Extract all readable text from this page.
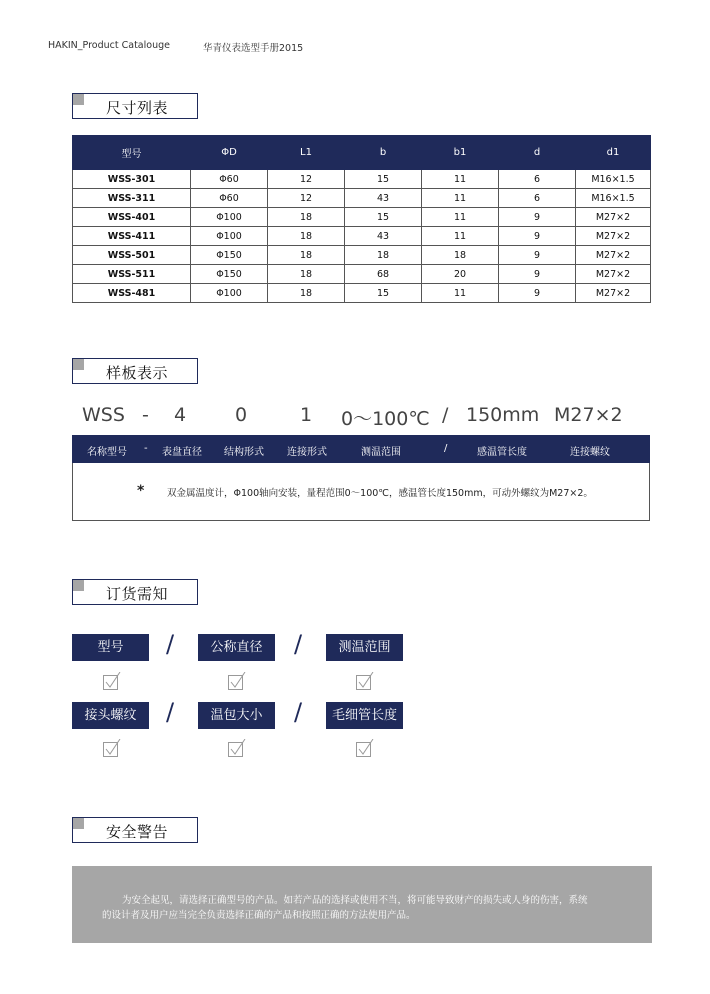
HAKIN_Product Catalouge	华青仪表选型手册2015
尺寸列表
型号	ΦD	L1	b	b1	d	d1
WSS-301	Φ60	12	15	11	6	M16×1.5
WSS-311	Φ60	12	43	11	6	M16×1.5
WSS-401	Φ100	18	15	11	9	M27×2
WSS-411	Φ100	18	43	11	9	M27×2
WSS-501	Φ150	18	18	18	9	M27×2
WSS-511	Φ150	18	68	20	9	M27×2
WSS-481	Φ100	18	15	11	9	M27×2
样板表示
WSS - 4	0	1 0～100℃ / 150mm M27×2
名称型号 - 表盘直径 结构形式 连接形式	测温范围	/	感温管长度	连接螺纹
* 双金属温度计，Φ100轴向安装，量程范围0～100℃，感温管长度150mm，可动外螺纹为M27×2。
订货需知
型号	/	公称直径	/	测温范围
接头螺纹	/	温包大小	/	毛细管长度
安全警告
为安全起见，请选择正确型号的产品。如若产品的选择或使用不当，将可能导致财产的损失或人身的伤害，系统
的设计者及用户应当完全负责选择正确的产品和按照正确的方法使用产品。
